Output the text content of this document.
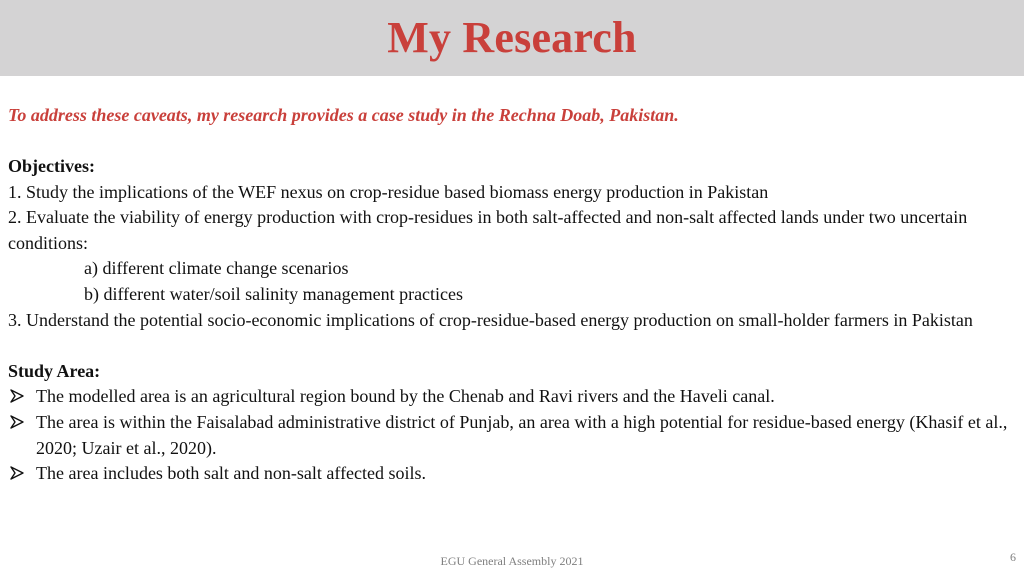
My Research
To address these caveats, my research provides a case study in the Rechna Doab, Pakistan.
Objectives:
1. Study the implications of the WEF nexus on crop-residue based biomass energy production in Pakistan
2. Evaluate the viability of energy production with crop-residues in both salt-affected and non-salt affected lands under two uncertain conditions:
a) different climate change scenarios
b) different water/soil salinity management practices
3. Understand the potential socio-economic implications of crop-residue-based energy production on small-holder farmers in Pakistan
Study Area:
The modelled area is an agricultural region bound by the Chenab and Ravi rivers and the Haveli canal.
The area is within the Faisalabad administrative district of Punjab, an area with a high potential for residue-based energy (Khasif et al., 2020; Uzair et al., 2020).
The area includes both salt and non-salt affected soils.
EGU General Assembly 2021	6
